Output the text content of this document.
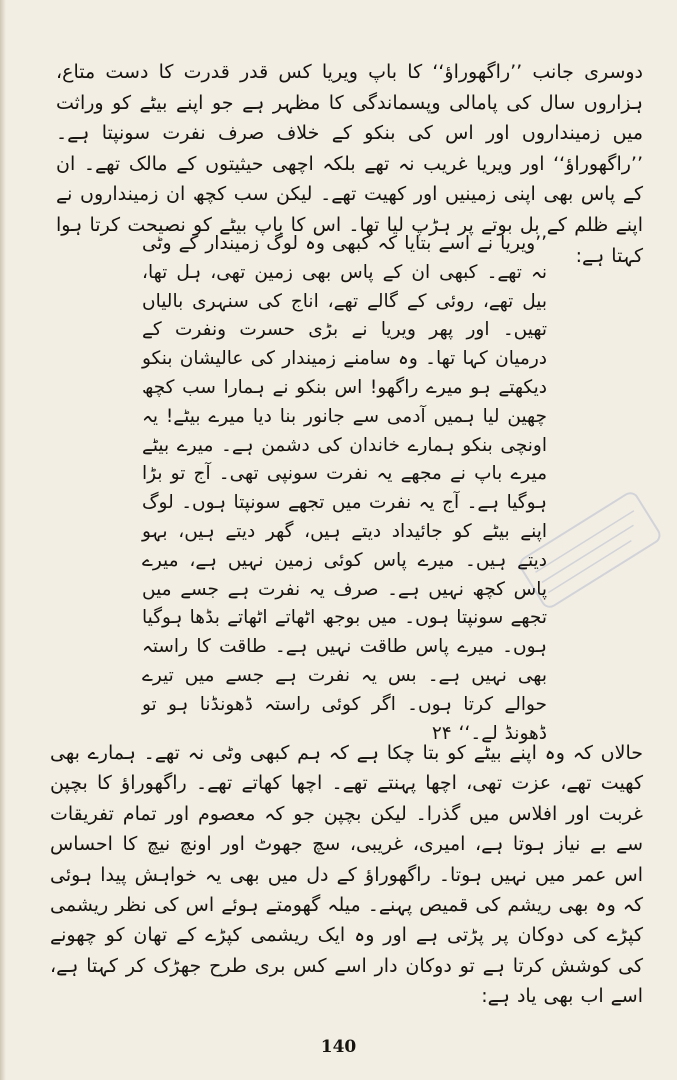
دوسری جانب ’’راگھوراؤ‘‘ کا باپ ویریا کس قدر قدرت کا دست متاع، ہزاروں سال کی پامالی وپسماندگی کا مظہر ہے جو اپنے بیٹے کو وراثت میں زمینداروں اور اس کی بنکو کے خلاف صرف نفرت سونپتا ہے۔ ’’راگھوراؤ‘‘ اور ویریا غریب نہ تھے بلکہ اچھی حیثیتوں کے مالک تھے۔ ان کے پاس بھی اپنی زمینیں اور کھیت تھے۔ لیکن سب کچھ ان زمینداروں نے اپنے ظلم کے بل بوتے پر ہڑپ لیا تھا۔ اس کا باپ بیٹے کو نصیحت کرتا ہوا کہتا ہے:

’’ویریا نے اسے بتایا کہ کبھی وہ لوگ زمیندار کے وٹی نہ تھے۔ کبھی ان کے پاس بھی زمین تھی، ہل تھا، بیل تھے، روئی کے گالے تھے، اناج کی سنہری بالیاں تھیں۔ اور پھر ویریا نے بڑی حسرت ونفرت کے درمیان کہا تھا۔ وہ سامنے زمیندار کی عالیشان بنکو دیکھتے ہو میرے راگھو! اس بنکو نے ہمارا سب کچھ چھین لیا ہمیں آدمی سے جانور بنا دیا میرے بیٹے! یہ اونچی بنکو ہمارے خاندان کی دشمن ہے۔ میرے بیٹے میرے باپ نے مجھے یہ نفرت سونپی تھی۔ آج تو بڑا ہوگیا ہے۔ آج یہ نفرت میں تجھے سونپتا ہوں۔ لوگ اپنے بیٹے کو جائیداد دیتے ہیں، گھر دیتے ہیں، بہو دیتے ہیں۔ میرے پاس کوئی زمین نہیں ہے، میرے پاس کچھ نہیں ہے۔ صرف یہ نفرت ہے جسے میں تجھے سونپتا ہوں۔ میں بوجھ اٹھاتے اٹھاتے بڈھا ہوگیا ہوں۔ میرے پاس طاقت نہیں ہے۔ طاقت کا راستہ بھی نہیں ہے۔ بس یہ نفرت ہے جسے میں تیرے حوالے کرتا ہوں۔ اگر کوئی راستہ ڈھونڈنا ہو تو ڈھونڈ لے۔‘‘ ۲۴

حالاں کہ وہ اپنے بیٹے کو بتا چکا ہے کہ ہم کبھی وٹی نہ تھے۔ ہمارے بھی کھیت تھے، عزت تھی، اچھا پہنتے تھے۔ اچھا کھاتے تھے۔ راگھوراؤ کا بچپن غربت اور افلاس میں گذرا۔ لیکن بچپن جو کہ معصوم اور تمام تفریقات سے بے نیاز ہوتا ہے، امیری، غریبی، سچ جھوٹ اور اونچ نیچ کا احساس اس عمر میں نہیں ہوتا۔ راگھوراؤ کے دل میں بھی یہ خواہش پیدا ہوئی کہ وہ بھی ریشم کی قمیص پہنے۔ میلہ گھومتے ہوئے اس کی نظر ریشمی کپڑے کی دوکان پر پڑتی ہے اور وہ ایک ریشمی کپڑے کے تھان کو چھونے کی کوشش کرتا ہے تو دوکان دار اسے کس بری طرح جھڑک کر کہتا ہے، اسے اب بھی یاد ہے:

140
